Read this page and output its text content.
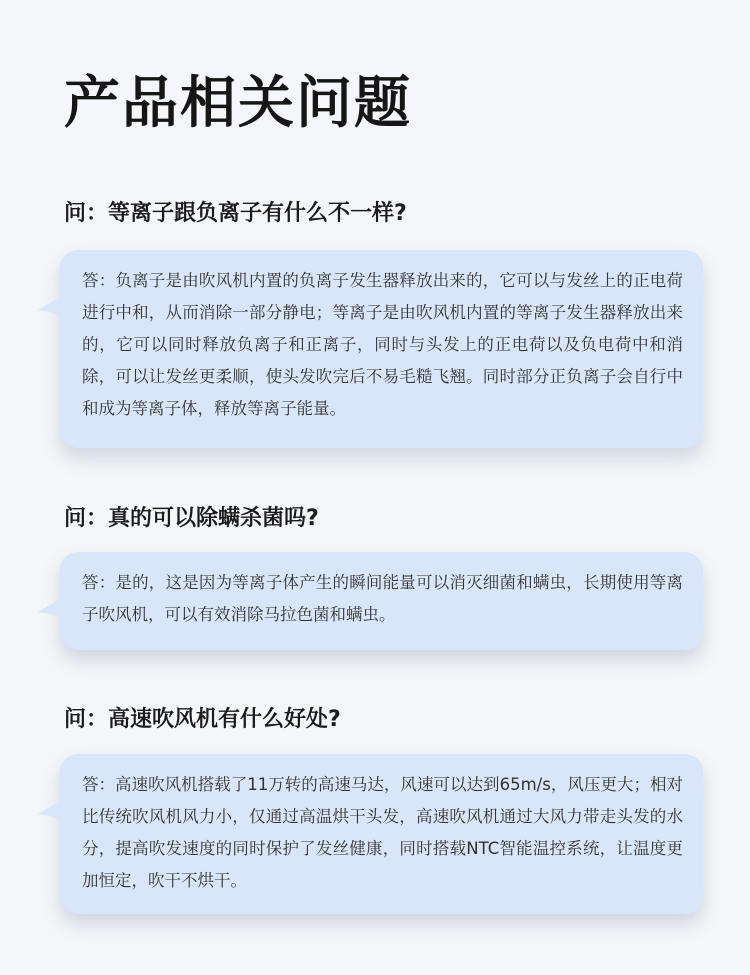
产品相关问题
问：等离子跟负离子有什么不一样?
答：负离子是由吹风机内置的负离子发生器释放出来的，它可以与发丝上的正电荷进行中和，从而消除一部分静电；等离子是由吹风机内置的等离子发生器释放出来的，它可以同时释放负离子和正离子，同时与头发上的正电荷以及负电荷中和消除，可以让发丝更柔顺，使头发吹完后不易毛糙飞翘。同时部分正负离子会自行中和成为等离子体，释放等离子能量。
问：真的可以除螨杀菌吗?
答：是的，这是因为等离子体产生的瞬间能量可以消灭细菌和螨虫，长期使用等离子吹风机，可以有效消除马拉色菌和螨虫。
问：高速吹风机有什么好处?
答：高速吹风机搭载了11万转的高速马达，风速可以达到65m/s，风压更大；相对比传统吹风机风力小，仅通过高温烘干头发，高速吹风机通过大风力带走头发的水分，提高吹发速度的同时保护了发丝健康，同时搭载NTC智能温控系统，让温度更加恒定，吹干不烘干。
